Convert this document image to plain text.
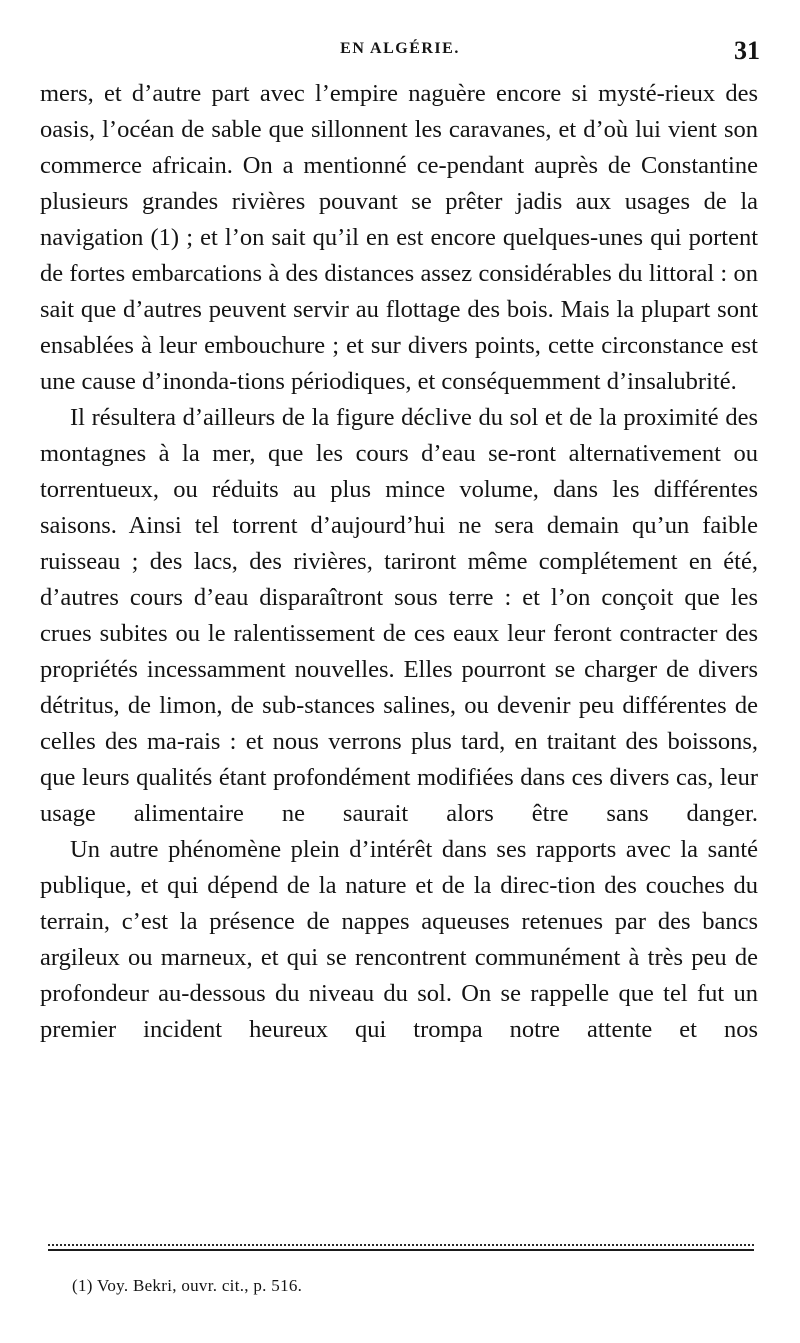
EN ALGÉRIE.	31

mers, et d’autre part avec l’empire naguère encore si mysté-rieux des oasis, l’océan de sable que sillonnent les caravanes, et d’où lui vient son commerce africain. On a mentionné ce-pendant auprès de Constantine plusieurs grandes rivières pouvant se prêter jadis aux usages de la navigation (1) ; et l’on sait qu’il en est encore quelques-unes qui portent de fortes embarcations à des distances assez considérables du littoral : on sait que d’autres peuvent servir au flottage des bois. Mais la plupart sont ensablées à leur embouchure ; et sur divers points, cette circonstance est une cause d’inonda-tions périodiques, et conséquemment d’insalubrité.

Il résultera d’ailleurs de la figure déclive du sol et de la proximité des montagnes à la mer, que les cours d’eau se-ront alternativement ou torrentueux, ou réduits au plus mince volume, dans les différentes saisons. Ainsi tel torrent d’aujourd’hui ne sera demain qu’un faible ruisseau ; des lacs, des rivières, tariront même complétement en été, d’autres cours d’eau disparaîtront sous terre : et l’on conçoit que les crues subites ou le ralentissement de ces eaux leur feront contracter des propriétés incessamment nouvelles. Elles pourront se charger de divers détritus, de limon, de sub-stances salines, ou devenir peu différentes de celles des ma-rais : et nous verrons plus tard, en traitant des boissons, que leurs qualités étant profondément modifiées dans ces divers cas, leur usage alimentaire ne saurait alors être sans danger.

Un autre phénomène plein d’intérêt dans ses rapports avec la santé publique, et qui dépend de la nature et de la direc-tion des couches du terrain, c’est la présence de nappes aqueuses retenues par des bancs argileux ou marneux, et qui se rencontrent communément à très peu de profondeur au-dessous du niveau du sol. On se rappelle que tel fut un premier incident heureux qui trompa notre attente et nos

(1) Voy. Bekri, ouvr. cit., p. 516.
